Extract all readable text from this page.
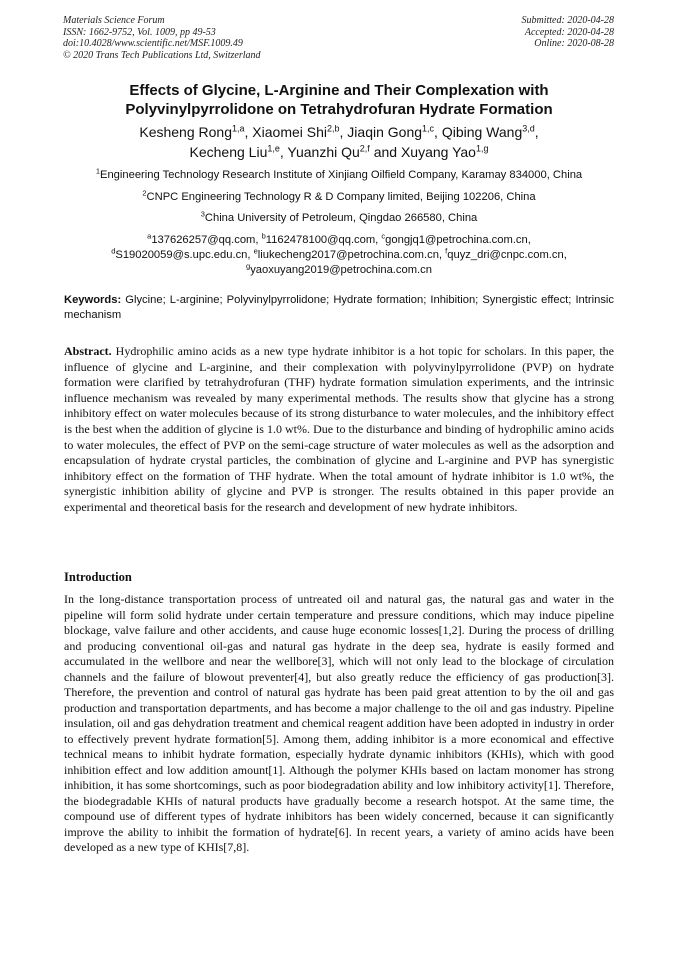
Materials Science Forum
ISSN: 1662-9752, Vol. 1009, pp 49-53
doi:10.4028/www.scientific.net/MSF.1009.49
© 2020 Trans Tech Publications Ltd, Switzerland
Submitted: 2020-04-28
Accepted: 2020-04-28
Online: 2020-08-28
Effects of Glycine, L-Arginine and Their Complexation with
Polyvinylpyrrolidone on Tetrahydrofuran Hydrate Formation
Kesheng Rong$^{1,a}$, Xiaomei Shi$^{2,b}$, Jiaqin Gong$^{1,c}$, Qibing Wang$^{3,d}$,
Kecheng Liu$^{1,e}$, Yuanzhi Qu$^{2,f}$ and Xuyang Yao$^{1,g}$
$^1$Engineering Technology Research Institute of Xinjiang Oilfield Company, Karamay 834000, China
$^2$CNPC Engineering Technology R & D Company limited, Beijing 102206, China
$^3$China University of Petroleum, Qingdao 266580, China
$^a$137626257@qq.com, $^b$1162478100@qq.com, $^c$gongjq1@petrochina.com.cn,
$^d$S19020059@s.upc.edu.cn, $^e$liukecheng2017@petrochina.com.cn, $^f$quyz_dri@cnpc.com.cn,
$^g$yaoxuyang2019@petrochina.com.cn
Keywords: Glycine; L-arginine; Polyvinylpyrrolidone; Hydrate formation; Inhibition; Synergistic effect; Intrinsic mechanism
Abstract. Hydrophilic amino acids as a new type hydrate inhibitor is a hot topic for scholars. In this paper, the influence of glycine and L-arginine, and their complexation with polyvinylpyrrolidone (PVP) on hydrate formation were clarified by tetrahydrofuran (THF) hydrate formation simulation experiments, and the intrinsic influence mechanism was revealed by many experimental methods. The results show that glycine has a strong inhibitory effect on water molecules because of its strong disturbance to water molecules, and the inhibitory effect is the best when the addition of glycine is 1.0 wt%. Due to the disturbance and binding of hydrophilic amino acids to water molecules, the effect of PVP on the semi-cage structure of water molecules as well as the adsorption and encapsulation of hydrate crystal particles, the combination of glycine and L-arginine and PVP has synergistic inhibitory effect on the formation of THF hydrate. When the total amount of hydrate inhibitor is 1.0 wt%, the synergistic inhibition ability of glycine and PVP is stronger. The results obtained in this paper provide an experimental and theoretical basis for the research and development of new hydrate inhibitors.
Introduction
In the long-distance transportation process of untreated oil and natural gas, the natural gas and water in the pipeline will form solid hydrate under certain temperature and pressure conditions, which may induce pipeline blockage, valve failure and other accidents, and cause huge economic losses[1,2]. During the process of drilling and producing conventional oil-gas and natural gas hydrate in the deep sea, hydrate is easily formed and accumulated in the wellbore and near the wellbore[3], which will not only lead to the blockage of circulation channels and the failure of blowout preventer[4], but also greatly reduce the efficiency of gas production[3]. Therefore, the prevention and control of natural gas hydrate has been paid great attention to by the oil and gas production and transportation departments, and has become a major challenge to the oil and gas industry. Pipeline insulation, oil and gas dehydration treatment and chemical reagent addition have been adopted in industry in order to effectively prevent hydrate formation[5]. Among them, adding inhibitor is a more economical and effective technical means to inhibit hydrate formation, especially hydrate dynamic inhibitors (KHIs), which with good inhibition effect and low addition amount[1]. Although the polymer KHIs based on lactam monomer has strong inhibition, it has some shortcomings, such as poor biodegradation ability and low inhibitory activity[1]. Therefore, the biodegradable KHIs of natural products have gradually become a research hotspot. At the same time, the compound use of different types of hydrate inhibitors has been widely concerned, because it can significantly improve the ability to inhibit the formation of hydrate[6]. In recent years, a variety of amino acids have been developed as a new type of KHIs[7,8].
